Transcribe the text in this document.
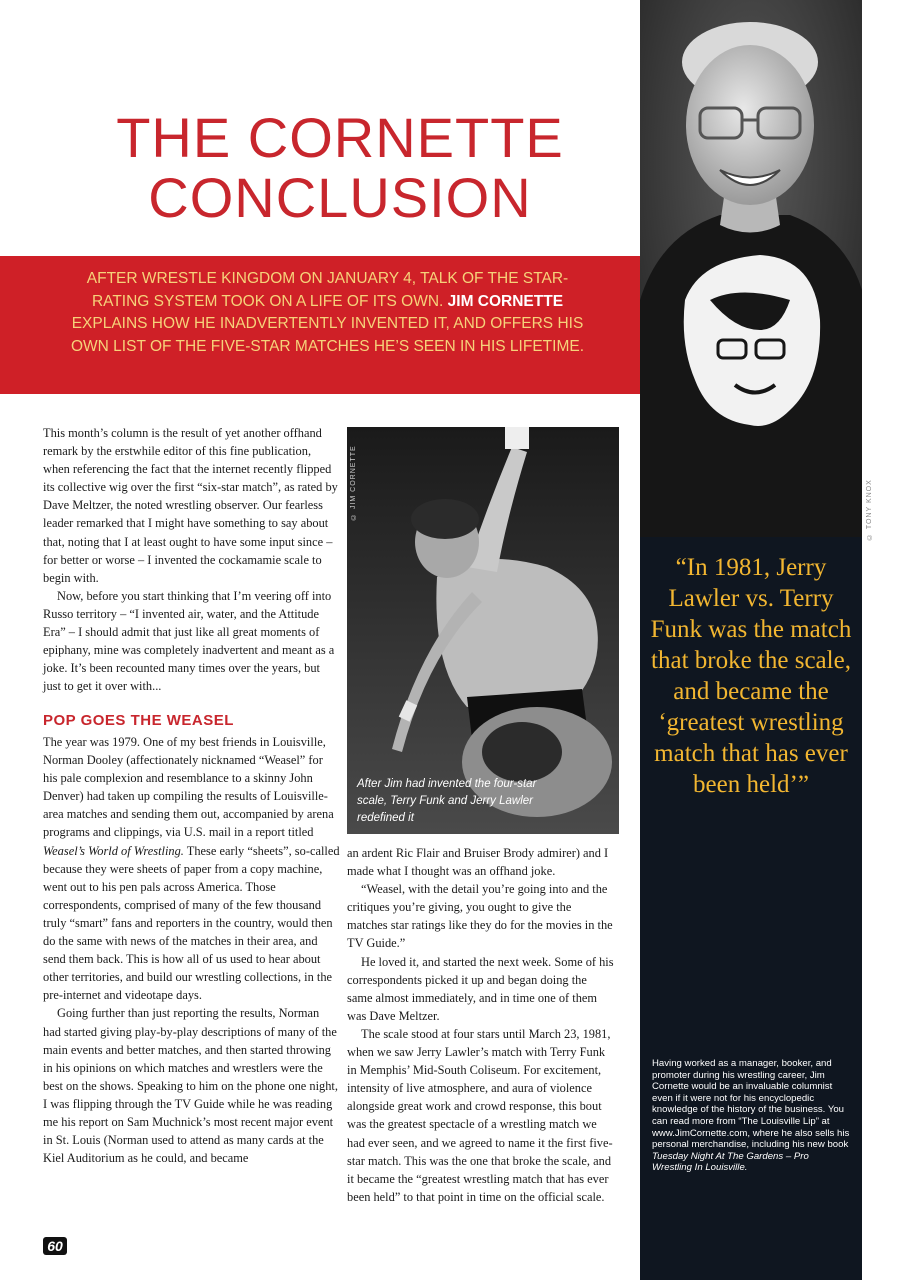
THE CORNETTE
CONCLUSION

AFTER WRESTLE KINGDOM ON JANUARY 4, TALK OF THE STAR-RATING SYSTEM TOOK ON A LIFE OF ITS OWN. JIM CORNETTE EXPLAINS HOW HE INADVERTENTLY INVENTED IT, AND OFFERS HIS OWN LIST OF THE FIVE-STAR MATCHES HE’S SEEN IN HIS LIFETIME.

© TONY KNOX

“In 1981, Jerry Lawler vs. Terry Funk was the match that broke the scale, and became the ‘greatest wrestling match that has ever been held’”

Having worked as a manager, booker, and promoter during his wrestling career, Jim Cornette would be an invaluable columnist even if it were not for his encyclopedic knowledge of the history of the business. You can read more from “The Louisville Lip” at www.JimCornette.com, where he also sells his personal merchandise, including his new book Tuesday Night At The Gardens – Pro Wrestling In Louisville.

This month’s column is the result of yet another offhand remark by the erstwhile editor of this fine publication, when referencing the fact that the internet recently flipped its collective wig over the first “six-star match”, as rated by Dave Meltzer, the noted wrestling observer. Our fearless leader remarked that I might have something to say about that, noting that I at least ought to have some input since – for better or worse – I invented the cockamamie scale to begin with.

Now, before you start thinking that I’m veering off into Russo territory – “I invented air, water, and the Attitude Era” – I should admit that just like all great moments of epiphany, mine was completely inadvertent and meant as a joke. It’s been recounted many times over the years, but just to get it over with...

POP GOES THE WEASEL

The year was 1979. One of my best friends in Louisville, Norman Dooley (affectionately nicknamed “Weasel” for his pale complexion and resemblance to a skinny John Denver) had taken up compiling the results of Louisville-area matches and sending them out, accompanied by arena programs and clippings, via U.S. mail in a report titled Weasel’s World of Wrestling. These early “sheets”, so-called because they were sheets of paper from a copy machine, went out to his pen pals across America. Those correspondents, comprised of many of the few thousand truly “smart” fans and reporters in the country, would then do the same with news of the matches in their area, and send them back. This is how all of us used to hear about other territories, and build our wrestling collections, in the pre-internet and videotape days.

Going further than just reporting the results, Norman had started giving play-by-play descriptions of many of the main events and better matches, and then started throwing in his opinions on which matches and wrestlers were the best on the shows. Speaking to him on the phone one night, I was flipping through the TV Guide while he was reading me his report on Sam Muchnick’s most recent major event in St. Louis (Norman used to attend as many cards at the Kiel Auditorium as he could, and became

© JIM CORNETTE

After Jim had invented the four-star scale, Terry Funk and Jerry Lawler redefined it

an ardent Ric Flair and Bruiser Brody admirer) and I made what I thought was an offhand joke.

“Weasel, with the detail you’re going into and the critiques you’re giving, you ought to give the matches star ratings like they do for the movies in the TV Guide.”

He loved it, and started the next week. Some of his correspondents picked it up and began doing the same almost immediately, and in time one of them was Dave Meltzer.

The scale stood at four stars until March 23, 1981, when we saw Jerry Lawler’s match with Terry Funk in Memphis’ Mid-South Coliseum. For excitement, intensity of live atmosphere, and aura of violence alongside great work and crowd response, this bout was the greatest spectacle of a wrestling match we had ever seen, and we agreed to name it the first five-star match. This was the one that broke the scale, and it became the “greatest wrestling match that has ever been held” to that point in time on the official scale.

60
